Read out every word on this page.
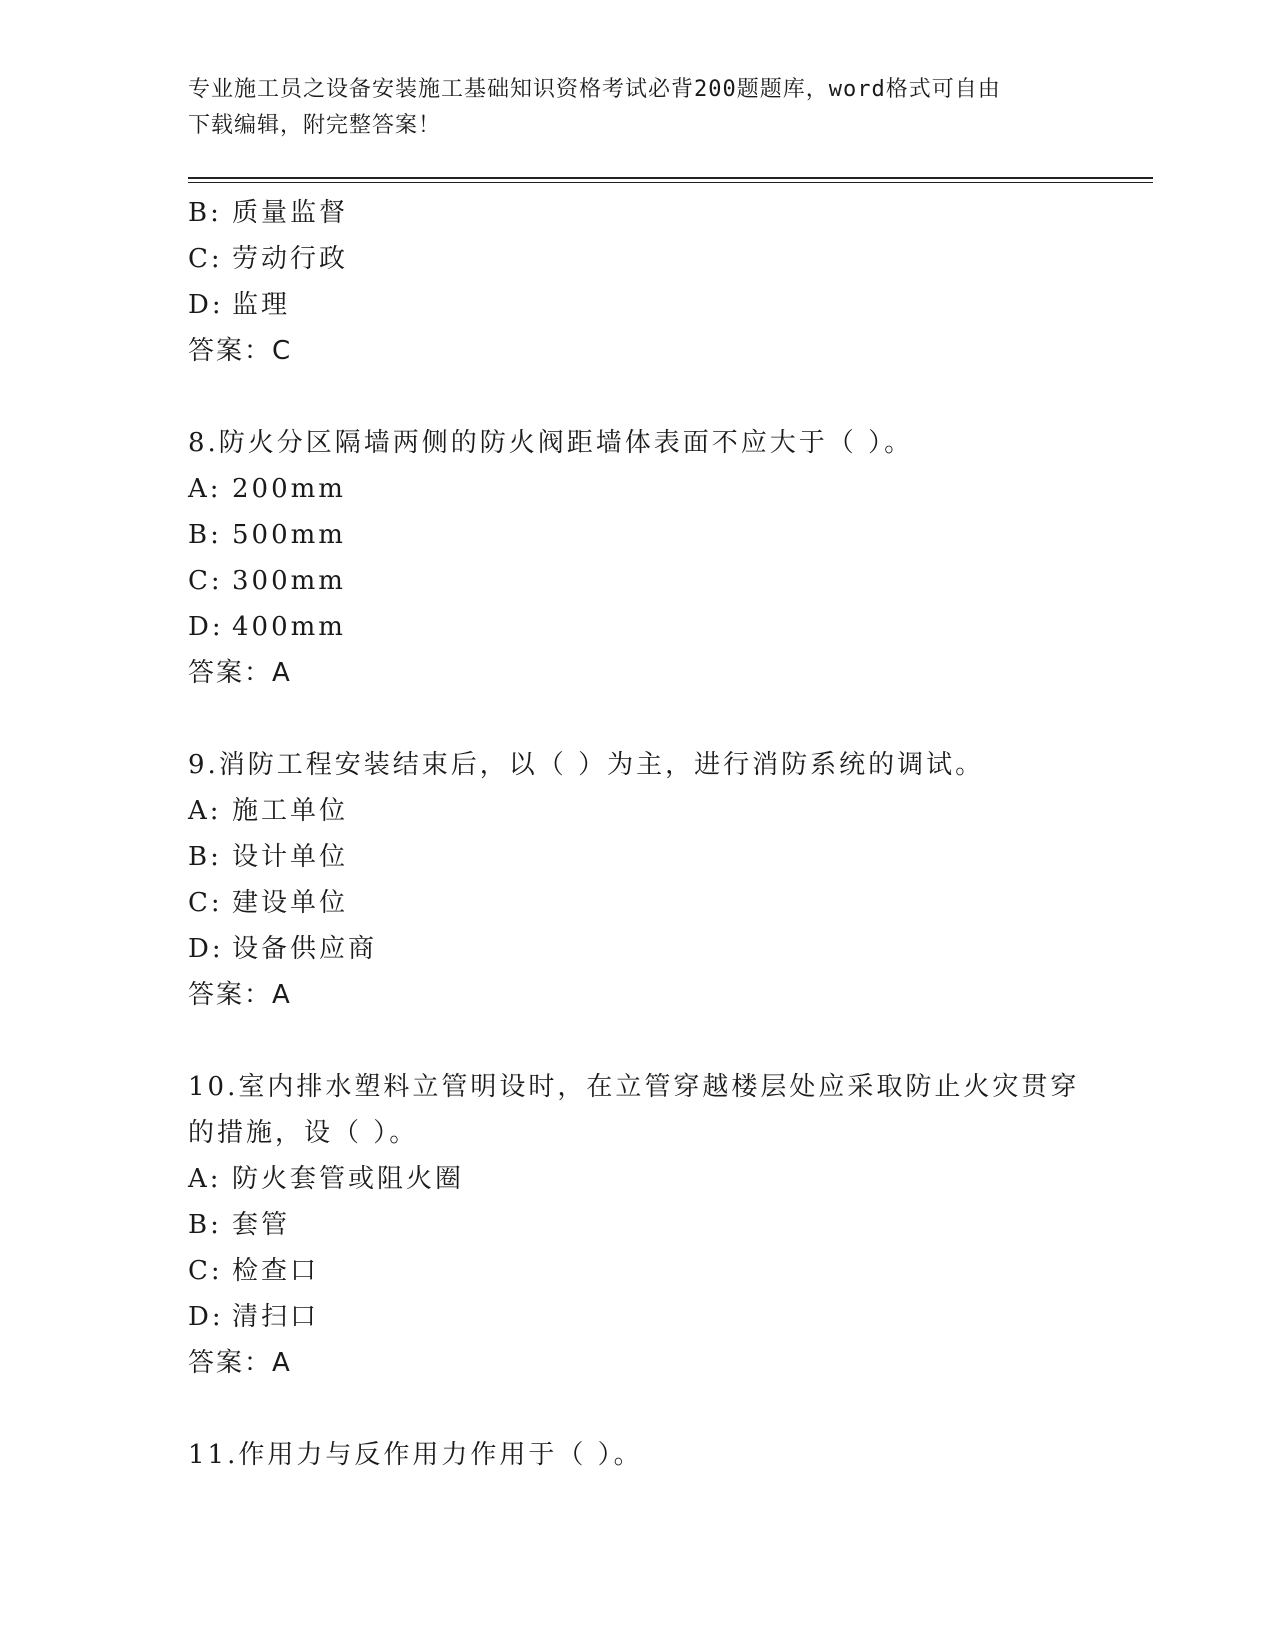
专业施工员之设备安装施工基础知识资格考试必背200题题库，word格式可自由
下载编辑，附完整答案！
B: 质量监督
C: 劳动行政
D: 监理
答案：C
8.防火分区隔墙两侧的防火阀距墙体表面不应大于（ ）。
A: 200mm
B: 500mm
C: 300mm
D: 400mm
答案：A
9.消防工程安装结束后，以（ ）为主，进行消防系统的调试。
A: 施工单位
B: 设计单位
C: 建设单位
D: 设备供应商
答案：A
10.室内排水塑料立管明设时，在立管穿越楼层处应采取防止火灾贯穿
的措施，设（ ）。
A: 防火套管或阻火圈
B: 套管
C: 检查口
D: 清扫口
答案：A
11.作用力与反作用力作用于（ ）。
